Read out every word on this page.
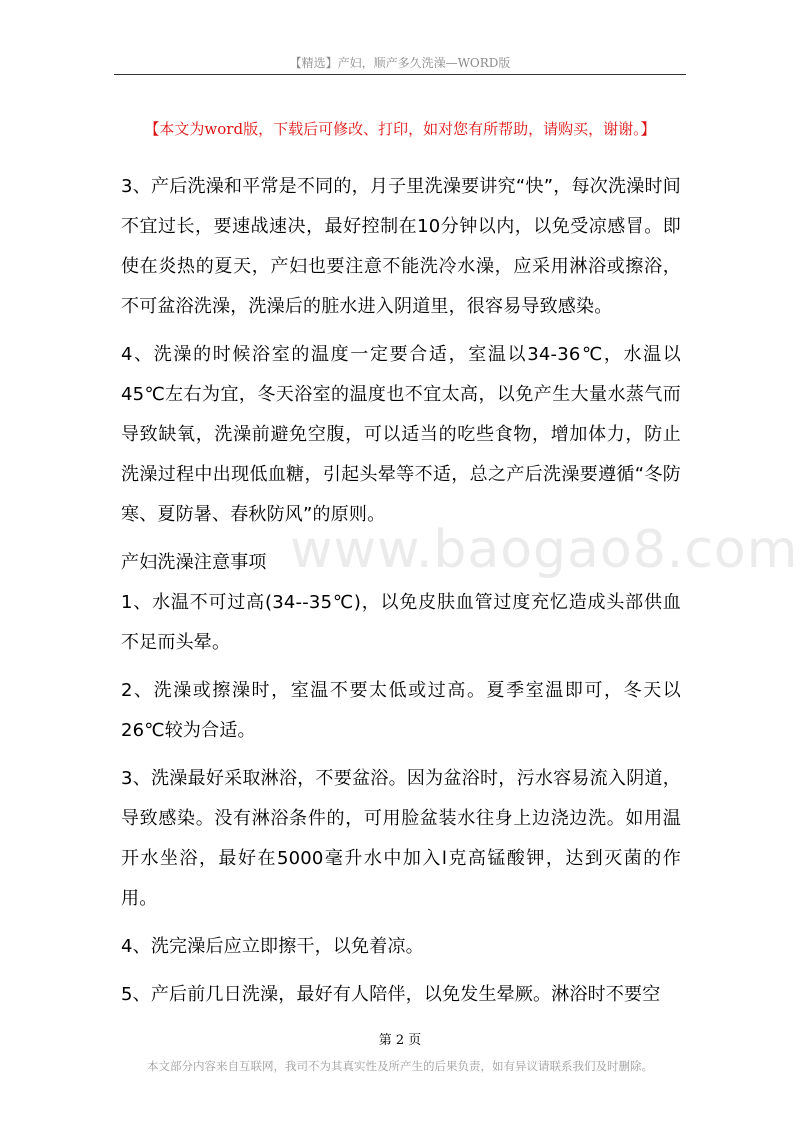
【精选】产妇，顺产多久洗澡—WORD版
【本文为word版，下载后可修改、打印，如对您有所帮助，请购买，谢谢。】
www.baogao8.com

3、产后洗澡和平常是不同的，月子里洗澡要讲究“快”，每次洗澡时间不宜过长，要速战速决，最好控制在10分钟以内，以免受凉感冒。即使在炎热的夏天，产妇也要注意不能洗冷水澡，应采用淋浴或擦浴，不可盆浴洗澡，洗澡后的脏水进入阴道里，很容易导致感染。

4、洗澡的时候浴室的温度一定要合适，室温以34-36℃，水温以45℃左右为宜，冬天浴室的温度也不宜太高，以免产生大量水蒸气而导致缺氧，洗澡前避免空腹，可以适当的吃些食物，增加体力，防止洗澡过程中出现低血糖，引起头晕等不适，总之产后洗澡要遵循“冬防寒、夏防暑、春秋防风”的原则。

产妇洗澡注意事项

1、水温不可过高(34--35℃)，以免皮肤血管过度充忆造成头部供血不足而头晕。

2、洗澡或擦澡时，室温不要太低或过高。夏季室温即可，冬天以26℃较为合适。

3、洗澡最好采取淋浴，不要盆浴。因为盆浴时，污水容易流入阴道，导致感染。没有淋浴条件的，可用脸盆装水往身上边浇边洗。如用温开水坐浴，最好在5000毫升水中加入l克高锰酸钾，达到灭菌的作用。

4、洗完澡后应立即擦干，以免着凉。

5、产后前几日洗澡，最好有人陪伴，以免发生晕厥。淋浴时不要空

第 2 页
本文部分内容来自互联网，我司不为其真实性及所产生的后果负责，如有异议请联系我们及时删除。
